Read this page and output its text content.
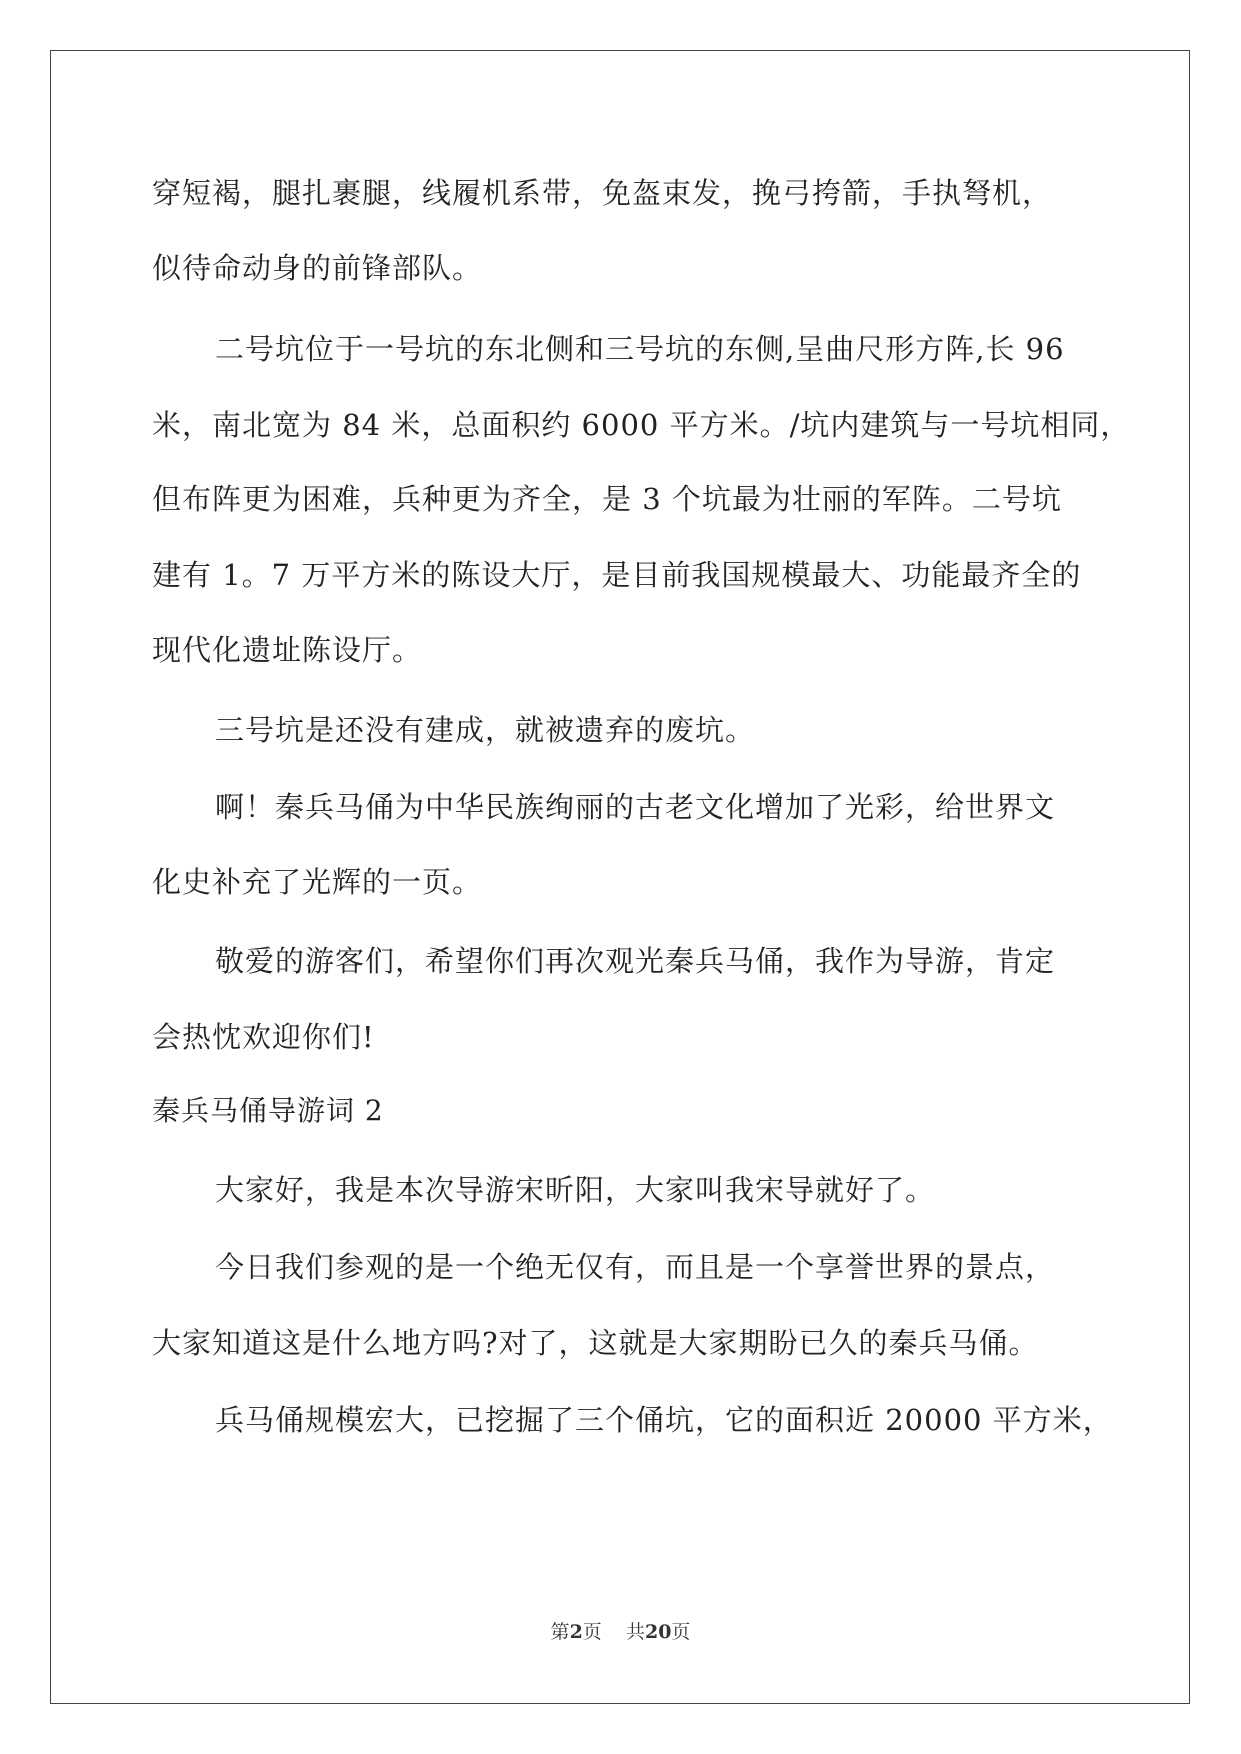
穿短褐，腿扎裹腿，线履机系带，免盔束发，挽弓挎箭，手执弩机，
似待命动身的前锋部队。
二号坑位于一号坑的东北侧和三号坑的东侧,呈曲尺形方阵,长 96
米，南北宽为 84 米，总面积约 6000 平方米。/坑内建筑与一号坑相同，
但布阵更为困难，兵种更为齐全，是 3 个坑最为壮丽的军阵。二号坑
建有 1。7 万平方米的陈设大厅，是目前我国规模最大、功能最齐全的
现代化遗址陈设厅。
三号坑是还没有建成，就被遗弃的废坑。
啊！秦兵马俑为中华民族绚丽的古老文化增加了光彩，给世界文
化史补充了光辉的一页。
敬爱的游客们，希望你们再次观光秦兵马俑，我作为导游，肯定
会热忱欢迎你们!
秦兵马俑导游词 2
大家好，我是本次导游宋昕阳，大家叫我宋导就好了。
今日我们参观的是一个绝无仅有，而且是一个享誉世界的景点，
大家知道这是什么地方吗?对了，这就是大家期盼已久的秦兵马俑。
兵马俑规模宏大，已挖掘了三个俑坑，它的面积近 20000 平方米，
第2页    共20页
